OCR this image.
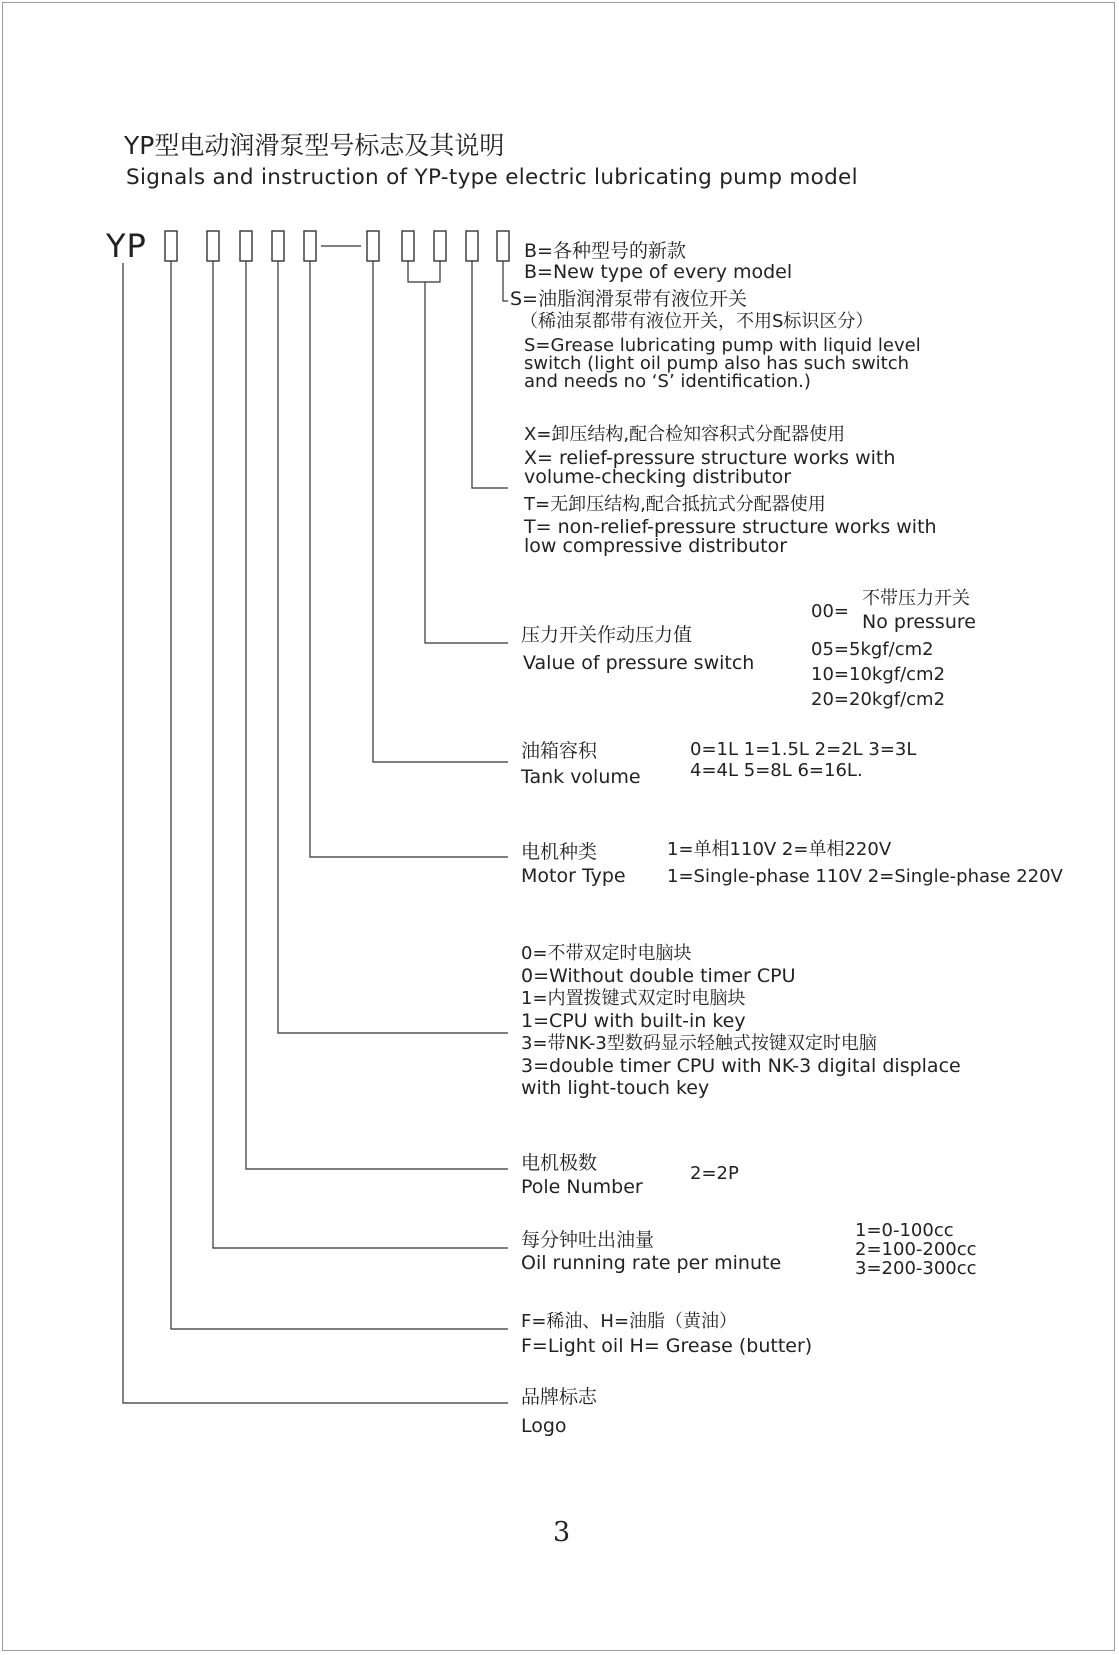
YP型电动润滑泵型号标志及其说明
Signals and instruction of YP-type electric lubricating pump model
YP	B=各种型号的新款
B=New type of every model
S=油脂润滑泵带有液位开关
（稀油泵都带有液位开关，不用S标识区分）
S=Grease lubricating pump with liquid level
switch (light oil pump also has such switch
and needs no ‘S’ identification.)
X=卸压结构,配合检知容积式分配器使用
X= relief-pressure structure works with
volume-checking distributor
T=无卸压结构,配合抵抗式分配器使用
T= non-relief-pressure structure works with
low compressive distributor
压力开关作动压力值
Value of pressure switch
00=
不带压力开关
No pressure
05=5kgf/cm2
10=10kgf/cm2
20=20kgf/cm2
油箱容积
Tank volume
0=1L 1=1.5L 2=2L 3=3L
4=4L 5=8L 6=16L.
电机种类
Motor Type
1=单相110V 2=单相220V
1=Single-phase 110V 2=Single-phase 220V
0=不带双定时电脑块
0=Without double timer CPU
1=内置拨键式双定时电脑块
1=CPU with built-in key
3=带NK-3型数码显示轻触式按键双定时电脑
3=double timer CPU with NK-3 digital displace
with light-touch key
电机极数
Pole Number
2=2P
每分钟吐出油量
Oil running rate per minute
1=0-100cc
2=100-200cc
3=200-300cc
F=稀油、H=油脂（黄油）
F=Light oil H= Grease (butter)
品牌标志
Logo
3
